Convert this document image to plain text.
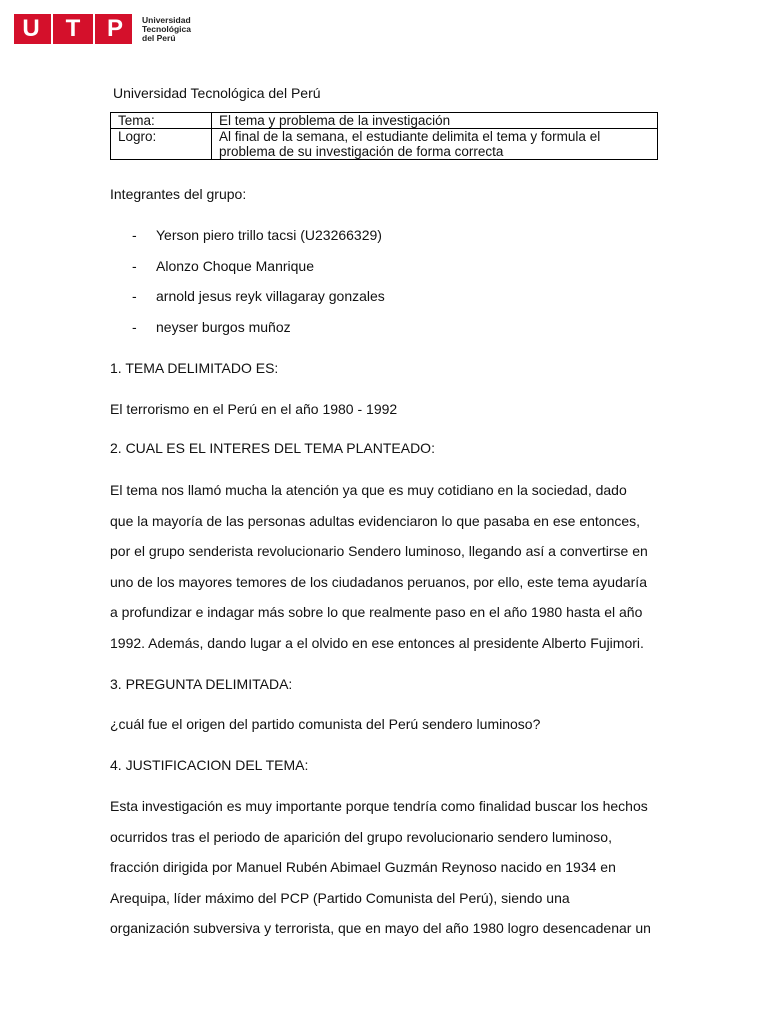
U T P	Universidad
Tecnológica
del Perú
Universidad Tecnológica del Perú
Tema:	El tema y problema de la investigación
Logro:	Al final de la semana, el estudiante delimita el tema y formula el problema de su investigación de forma correcta
Integrantes del grupo:
- Yerson piero trillo tacsi (U23266329)
- Alonzo Choque Manrique
- arnold jesus reyk villagaray gonzales
- neyser burgos muñoz
1. TEMA DELIMITADO ES:
El terrorismo en el Perú en el año 1980 - 1992
2. CUAL ES EL INTERES DEL TEMA PLANTEADO:
El tema nos llamó mucha la atención ya que es muy cotidiano en la sociedad, dado
que la mayoría de las personas adultas evidenciaron lo que pasaba en ese entonces,
por el grupo senderista revolucionario Sendero luminoso, llegando así a convertirse en
uno de los mayores temores de los ciudadanos peruanos, por ello, este tema ayudaría
a profundizar e indagar más sobre lo que realmente paso en el año 1980 hasta el año
1992. Además, dando lugar a el olvido en ese entonces al presidente Alberto Fujimori.
3. PREGUNTA DELIMITADA:
¿cuál fue el origen del partido comunista del Perú sendero luminoso?
4. JUSTIFICACION DEL TEMA:
Esta investigación es muy importante porque tendría como finalidad buscar los hechos
ocurridos tras el periodo de aparición del grupo revolucionario sendero luminoso,
fracción dirigida por Manuel Rubén Abimael Guzmán Reynoso nacido en 1934 en
Arequipa, líder máximo del PCP (Partido Comunista del Perú), siendo una
organización subversiva y terrorista, que en mayo del año 1980 logro desencadenar un
